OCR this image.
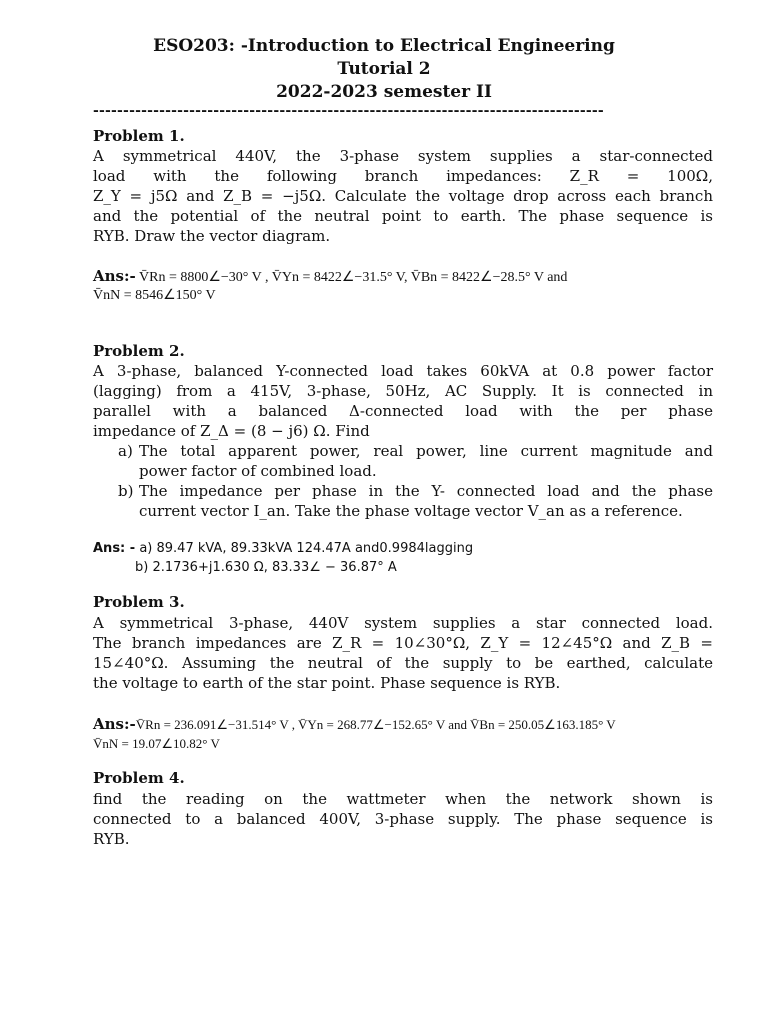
ESO203: -Introduction to Electrical Engineering
Tutorial 2
2022-2023 semester II
-------------------------------------------------------------------------------------
Problem 1.
A symmetrical 440V, the 3-phase system supplies a star-connected
load with the following branch impedances: Z_R = 100Ω,
Z_Y = j5Ω and Z_B = −j5Ω. Calculate the voltage drop across each branch
and the potential of the neutral point to earth. The phase sequence is
RYB. Draw the vector diagram.
Ans:- V̄Rn = 8800∠−30° V , V̄Yn = 8422∠−31.5° V, V̄Bn = 8422∠−28.5° V and
V̄nN = 8546∠150° V
Problem 2.
A 3-phase, balanced Y-connected load takes 60kVA at 0.8 power factor
(lagging) from a 415V, 3-phase, 50Hz, AC Supply. It is connected in
parallel with a balanced Δ-connected load with the per phase
impedance of Z_Δ = (8 − j6) Ω. Find
a) The total apparent power, real power, line current magnitude and
power factor of combined load.
b) The impedance per phase in the Y- connected load and the phase
current vector I_an. Take the phase voltage vector V_an as a reference.
Ans: - a) 89.47 kVA, 89.33kVA 124.47A and0.9984lagging
b) 2.1736+j1.630 Ω, 83.33∠ − 36.87° A
Problem 3.
A symmetrical 3-phase, 440V system supplies a star connected load.
The branch impedances are Z_R = 10∠30°Ω, Z_Y = 12∠45°Ω and Z_B =
15∠40°Ω. Assuming the neutral of the supply to be earthed, calculate
the voltage to earth of the star point. Phase sequence is RYB.
Ans:-V̄Rn = 236.091∠−31.514° V , V̄Yn = 268.77∠−152.65° V and V̄Bn = 250.05∠163.185° V
V̄nN = 19.07∠10.82° V
Problem 4.
find the reading on the wattmeter when the network shown is
connected to a balanced 400V, 3-phase supply. The phase sequence is
RYB.
